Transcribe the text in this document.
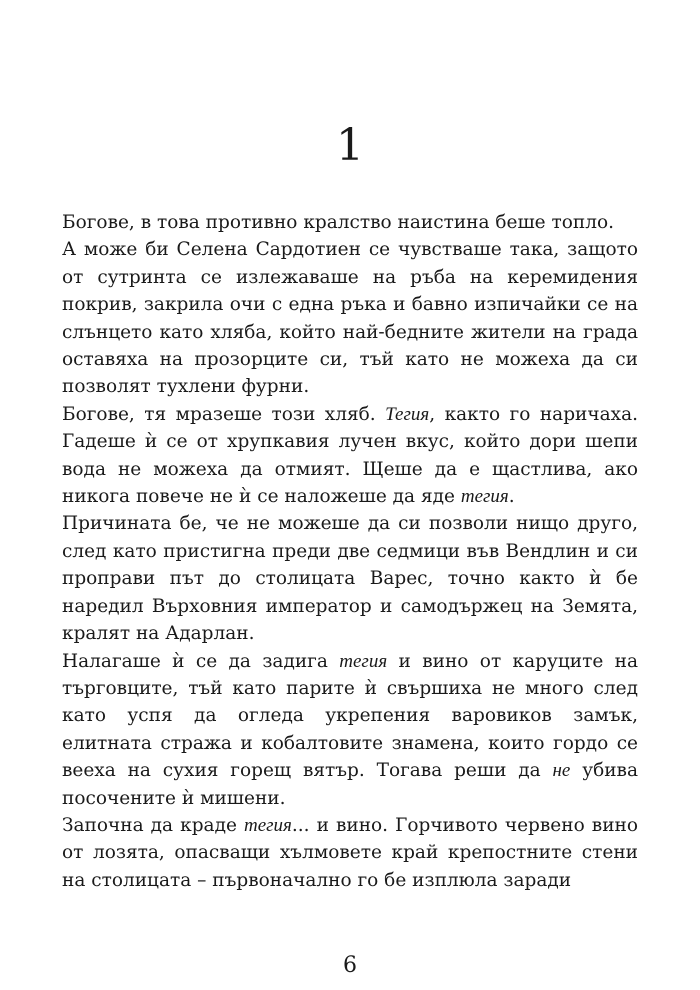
1

Богове, в това противно кралство наистина беше топло.

А може би Селена Сардотиен се чувстваше така, защото от сутринта се излежаваше на ръба на керемидения покрив, закрила очи с една ръка и бавно изпичайки се на слънцето като хляба, който най-бедните жители на града оставяха на прозорците си, тъй като не можеха да си позволят тухлени фурни.

Богове, тя мразеше този хляб. Тегия, както го наричаха. Гадеше ѝ се от хрупкавия лучен вкус, който дори шепи вода не можеха да отмият. Щеше да е щастлива, ако никога повече не ѝ се наложеше да яде тегия.

Причината бе, че не можеше да си позволи нищо друго, след като пристигна преди две седмици във Вендлин и си проправи път до столицата Варес, точно както ѝ бе наредил Върховния император и самодържец на Земята, кралят на Адарлан.

Налагаше ѝ се да задига тегия и вино от каруците на търговците, тъй като парите ѝ свършиха не много след като успя да огледа укрепения варовиков замък, елитната стража и кобалтовите знамена, които гордо се вееха на сухия горещ вятър. Тогава реши да не убива посочените ѝ мишени.

Започна да краде тегия... и вино. Горчивото червено вино от лозята, опасващи хълмовете край крепостните стени на столицата – първоначално го бе изплюла заради

6
